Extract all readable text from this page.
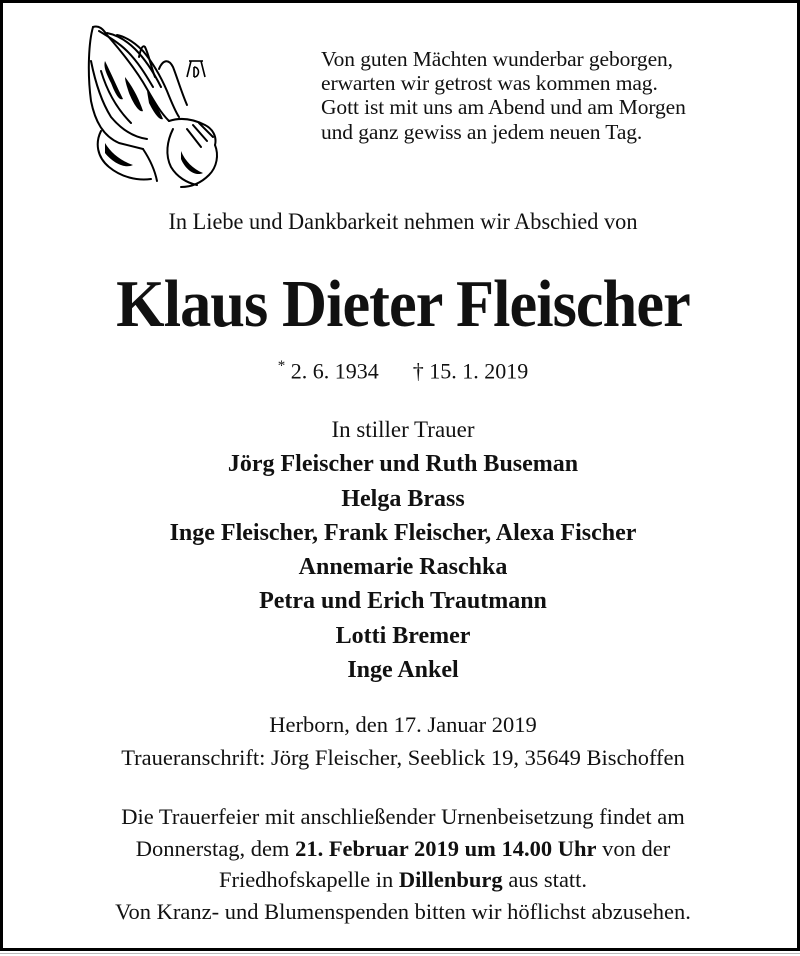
Von guten Mächten wunderbar geborgen,
erwarten wir getrost was kommen mag.
Gott ist mit uns am Abend und am Morgen
und ganz gewiss an jedem neuen Tag.
In Liebe und Dankbarkeit nehmen wir Abschied von
Klaus Dieter Fleischer
* 2. 6. 1934 † 15. 1. 2019
In stiller Trauer
Jörg Fleischer und Ruth Buseman
Helga Brass
Inge Fleischer, Frank Fleischer, Alexa Fischer
Annemarie Raschka
Petra und Erich Trautmann
Lotti Bremer
Inge Ankel
Herborn, den 17. Januar 2019
Traueranschrift: Jörg Fleischer, Seeblick 19, 35649 Bischoffen
Die Trauerfeier mit anschließender Urnenbeisetzung findet am
Donnerstag, dem 21. Februar 2019 um 14.00 Uhr von der
Friedhofskapelle in Dillenburg aus statt.
Von Kranz- und Blumenspenden bitten wir höflichst abzusehen.
